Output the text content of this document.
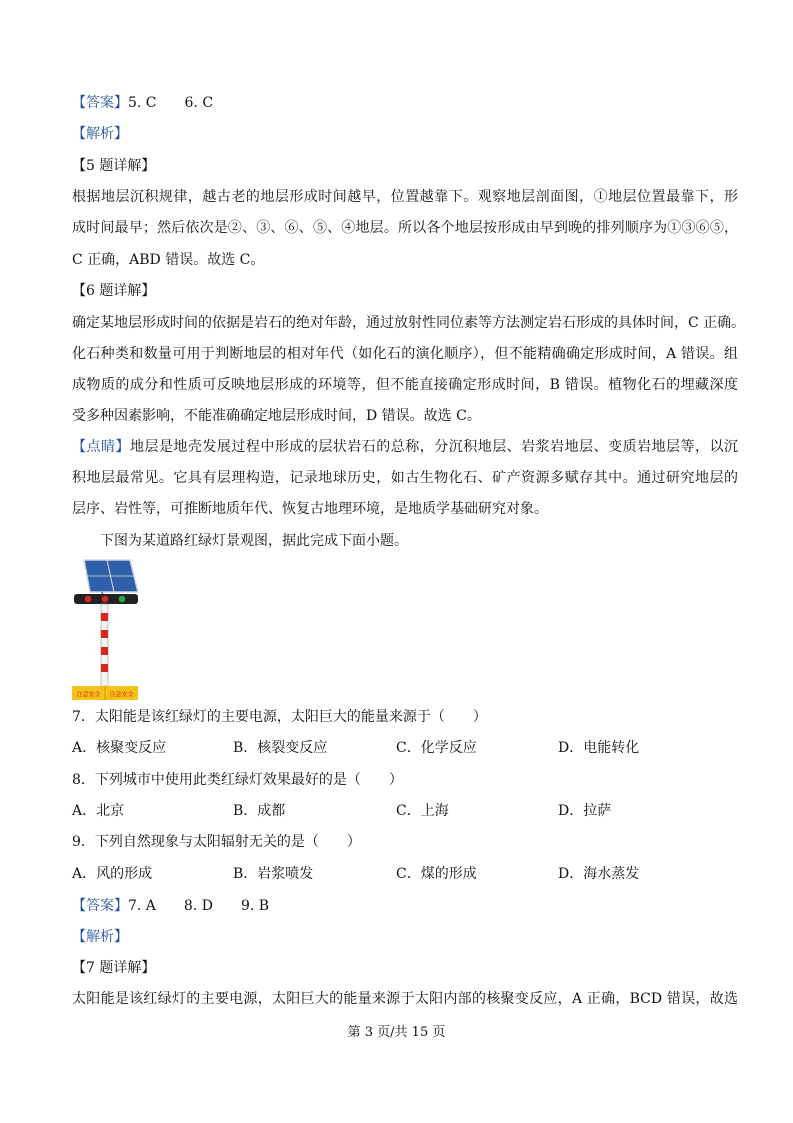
【答案】5. C　　6. C
【解析】
【5 题详解】
根据地层沉积规律，越古老的地层形成时间越早，位置越靠下。观察地层剖面图，①地层位置最靠下，形
成时间最早；然后依次是②、③、⑥、⑤、④地层。所以各个地层按形成由早到晚的排列顺序为①③⑥⑤，
C 正确，ABD 错误。故选 C。
【6 题详解】
确定某地层形成时间的依据是岩石的绝对年龄，通过放射性同位素等方法测定岩石形成的具体时间，C 正确。
化石种类和数量可用于判断地层的相对年代（如化石的演化顺序），但不能精确确定形成时间，A 错误。组
成物质的成分和性质可反映地层形成的环境等，但不能直接确定形成时间，B 错误。植物化石的埋藏深度
受多种因素影响，不能准确确定地层形成时间，D 错误。故选 C。
【点睛】地层是地壳发展过程中形成的层状岩石的总称，分沉积地层、岩浆岩地层、变质岩地层等，以沉
积地层最常见。它具有层理构造，记录地球历史，如古生物化石、矿产资源多赋存其中。通过研究地层的
层序、岩性等，可推断地质年代、恢复古地理环境，是地质学基础研究对象。
下图为某道路红绿灯景观图，据此完成下面小题。
注意安全 注意安全
7．太阳能是该红绿灯的主要电源，太阳巨大的能量来源于（　　）
A．核聚变反应	B．核裂变反应	C．化学反应	D．电能转化
8．下列城市中使用此类红绿灯效果最好的是（　　）
A．北京	B．成都	C．上海	D．拉萨
9．下列自然现象与太阳辐射无关的是（　　）
A．风的形成	B．岩浆喷发	C．煤的形成	D．海水蒸发
【答案】7. A　　8. D　　9. B
【解析】
【7 题详解】
太阳能是该红绿灯的主要电源，太阳巨大的能量来源于太阳内部的核聚变反应，A 正确，BCD 错误，故选
第 3 页/共 15 页
